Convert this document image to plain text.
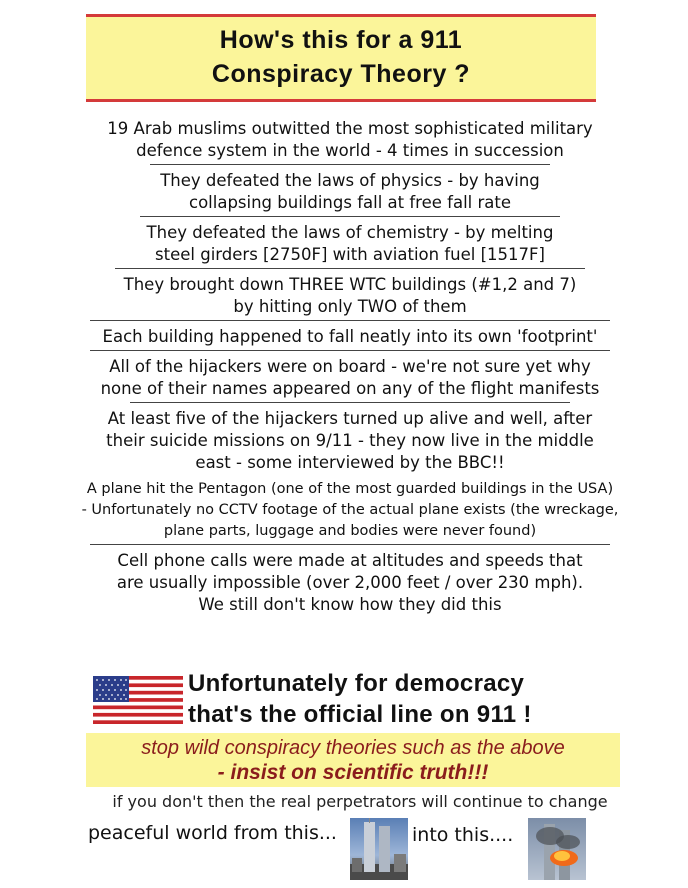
How's this for a 911
Conspiracy Theory ?
19 Arab muslims outwitted the most sophisticated military
defence system in the world - 4 times in succession
They defeated the laws of physics - by having
collapsing buildings fall at free fall rate
They defeated the laws of chemistry - by melting
steel girders [2750F] with aviation fuel [1517F]
They brought down THREE WTC buildings (#1,2 and 7)
by hitting only TWO of them
Each building happened to fall neatly into its own 'footprint'
All of the hijackers were on board - we're not sure yet why
none of their names appeared on any of the flight manifests
At least five of the hijackers turned up alive and well, after
their suicide missions on 9/11 - they now live in the middle
east - some interviewed by the BBC!!
A plane hit the Pentagon (one of the most guarded buildings in the USA)
- Unfortunately no CCTV footage of the actual plane exists (the wreckage,
plane parts, luggage and bodies were never found)
Cell phone calls were made at altitudes and speeds that
are usually impossible (over 2,000 feet / over 230 mph).
We still don't know how they did this
Unfortunately for democracy
that's the official line on 911 !
stop wild conspiracy theories such as the above
- insist on scientific truth!!!
if you don't then the real perpetrators will continue to change
peaceful world from this...	into this....
